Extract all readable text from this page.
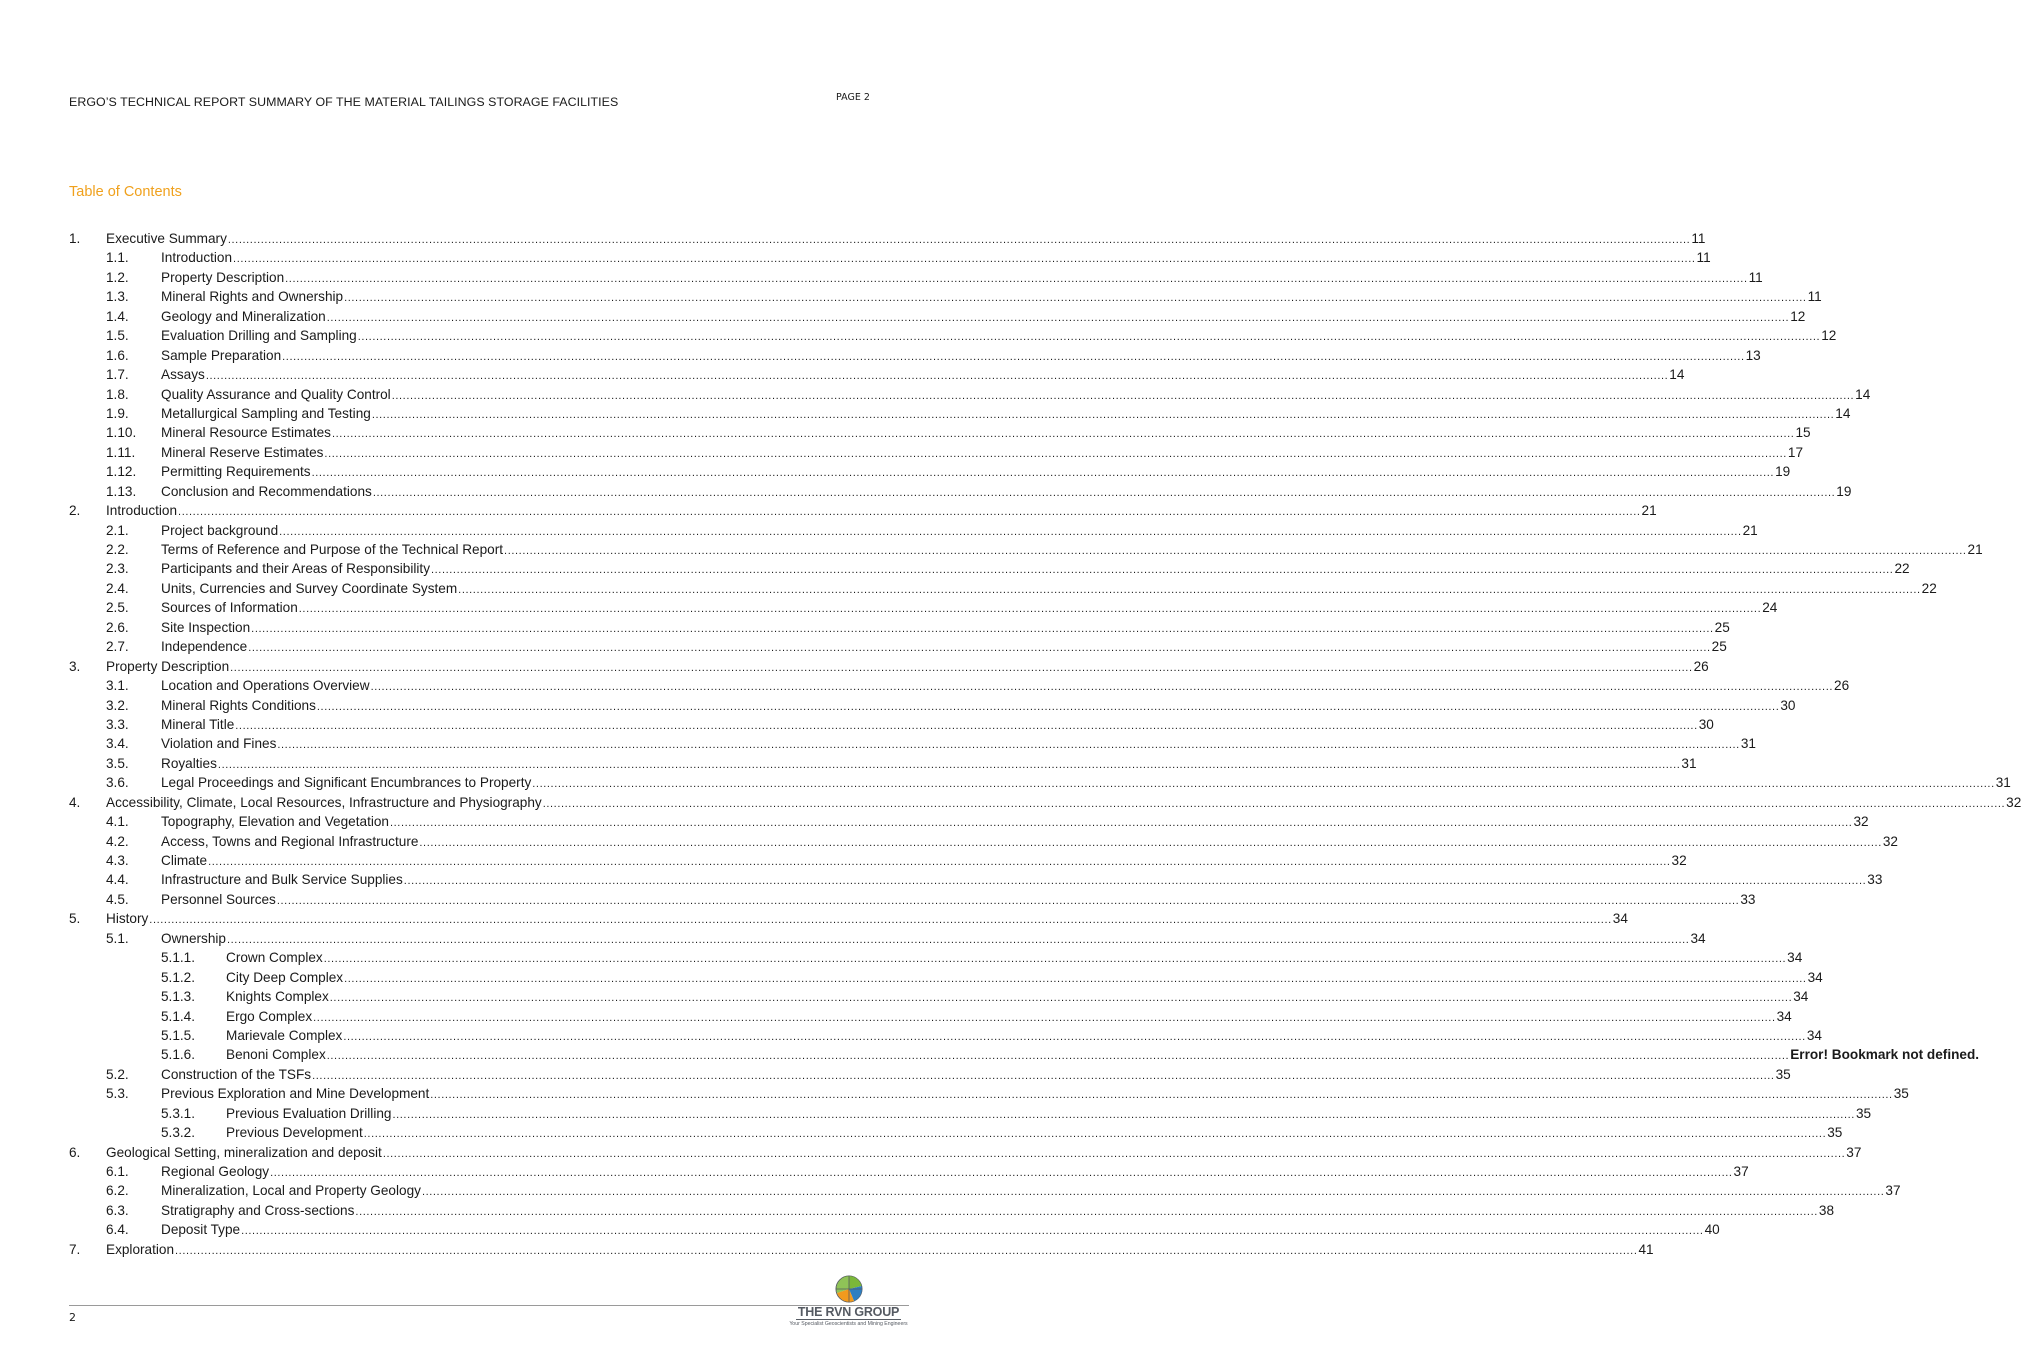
ERGO’S TECHNICAL REPORT SUMMARY OF THE MATERIAL TAILINGS STORAGE FACILITIES	PAGE 2
Table of Contents
1. Executive Summary ................................................................................................................................................................................................................................................................................................................................................................................................................ 11
1.1. Introduction ................................................................................................................................................................................................................................................................................................................................................................................................................ 11
1.2. Property Description ................................................................................................................................................................................................................................................................................................................................................................................................................ 11
1.3. Mineral Rights and Ownership ................................................................................................................................................................................................................................................................................................................................................................................................................ 11
1.4. Geology and Mineralization ................................................................................................................................................................................................................................................................................................................................................................................................................ 12
1.5. Evaluation Drilling and Sampling ................................................................................................................................................................................................................................................................................................................................................................................................................ 12
1.6. Sample Preparation ................................................................................................................................................................................................................................................................................................................................................................................................................ 13
1.7. Assays ................................................................................................................................................................................................................................................................................................................................................................................................................ 14
1.8. Quality Assurance and Quality Control ................................................................................................................................................................................................................................................................................................................................................................................................................ 14
1.9. Metallurgical Sampling and Testing ................................................................................................................................................................................................................................................................................................................................................................................................................ 14
1.10. Mineral Resource Estimates ................................................................................................................................................................................................................................................................................................................................................................................................................ 15
1.11. Mineral Reserve Estimates ................................................................................................................................................................................................................................................................................................................................................................................................................ 17
1.12. Permitting Requirements ................................................................................................................................................................................................................................................................................................................................................................................................................ 19
1.13. Conclusion and Recommendations ................................................................................................................................................................................................................................................................................................................................................................................................................ 19
2. Introduction ................................................................................................................................................................................................................................................................................................................................................................................................................ 21
2.1. Project background ................................................................................................................................................................................................................................................................................................................................................................................................................ 21
2.2. Terms of Reference and Purpose of the Technical Report ................................................................................................................................................................................................................................................................................................................................................................................................................ 21
2.3. Participants and their Areas of Responsibility ................................................................................................................................................................................................................................................................................................................................................................................................................ 22
2.4. Units, Currencies and Survey Coordinate System ................................................................................................................................................................................................................................................................................................................................................................................................................ 22
2.5. Sources of Information ................................................................................................................................................................................................................................................................................................................................................................................................................ 24
2.6. Site Inspection ................................................................................................................................................................................................................................................................................................................................................................................................................ 25
2.7. Independence ................................................................................................................................................................................................................................................................................................................................................................................................................ 25
3. Property Description ................................................................................................................................................................................................................................................................................................................................................................................................................ 26
3.1. Location and Operations Overview ................................................................................................................................................................................................................................................................................................................................................................................................................ 26
3.2. Mineral Rights Conditions ................................................................................................................................................................................................................................................................................................................................................................................................................ 30
3.3. Mineral Title ................................................................................................................................................................................................................................................................................................................................................................................................................ 30
3.4. Violation and Fines ................................................................................................................................................................................................................................................................................................................................................................................................................ 31
3.5. Royalties ................................................................................................................................................................................................................................................................................................................................................................................................................ 31
3.6. Legal Proceedings and Significant Encumbrances to Property ................................................................................................................................................................................................................................................................................................................................................................................................................ 31
4. Accessibility, Climate, Local Resources, Infrastructure and Physiography ................................................................................................................................................................................................................................................................................................................................................................................................................ 32
4.1. Topography, Elevation and Vegetation ................................................................................................................................................................................................................................................................................................................................................................................................................ 32
4.2. Access, Towns and Regional Infrastructure ................................................................................................................................................................................................................................................................................................................................................................................................................ 32
4.3. Climate ................................................................................................................................................................................................................................................................................................................................................................................................................ 32
4.4. Infrastructure and Bulk Service Supplies ................................................................................................................................................................................................................................................................................................................................................................................................................ 33
4.5. Personnel Sources ................................................................................................................................................................................................................................................................................................................................................................................................................ 33
5. History ................................................................................................................................................................................................................................................................................................................................................................................................................ 34
5.1. Ownership ................................................................................................................................................................................................................................................................................................................................................................................................................ 34
5.1.1. Crown Complex ................................................................................................................................................................................................................................................................................................................................................................................................................ 34
5.1.2. City Deep Complex ................................................................................................................................................................................................................................................................................................................................................................................................................ 34
5.1.3. Knights Complex ................................................................................................................................................................................................................................................................................................................................................................................................................ 34
5.1.4. Ergo Complex ................................................................................................................................................................................................................................................................................................................................................................................................................ 34
5.1.5. Marievale Complex ................................................................................................................................................................................................................................................................................................................................................................................................................ 34
5.1.6. Benoni Complex ................................................................................................................................................................................................................................................................................................................................................................................................................ Error! Bookmark not defined.
5.2. Construction of the TSFs ................................................................................................................................................................................................................................................................................................................................................................................................................ 35
5.3. Previous Exploration and Mine Development ................................................................................................................................................................................................................................................................................................................................................................................................................ 35
5.3.1. Previous Evaluation Drilling ................................................................................................................................................................................................................................................................................................................................................................................................................ 35
5.3.2. Previous Development ................................................................................................................................................................................................................................................................................................................................................................................................................ 35
6. Geological Setting, mineralization and deposit ................................................................................................................................................................................................................................................................................................................................................................................................................ 37
6.1. Regional Geology ................................................................................................................................................................................................................................................................................................................................................................................................................ 37
6.2. Mineralization, Local and Property Geology ................................................................................................................................................................................................................................................................................................................................................................................................................ 37
6.3. Stratigraphy and Cross-sections ................................................................................................................................................................................................................................................................................................................................................................................................................ 38
6.4. Deposit Type ................................................................................................................................................................................................................................................................................................................................................................................................................ 40
7. Exploration ................................................................................................................................................................................................................................................................................................................................................................................................................ 41
2	THE RVN GROUP
Your Specialist Geoscientists and Mining Engineers
